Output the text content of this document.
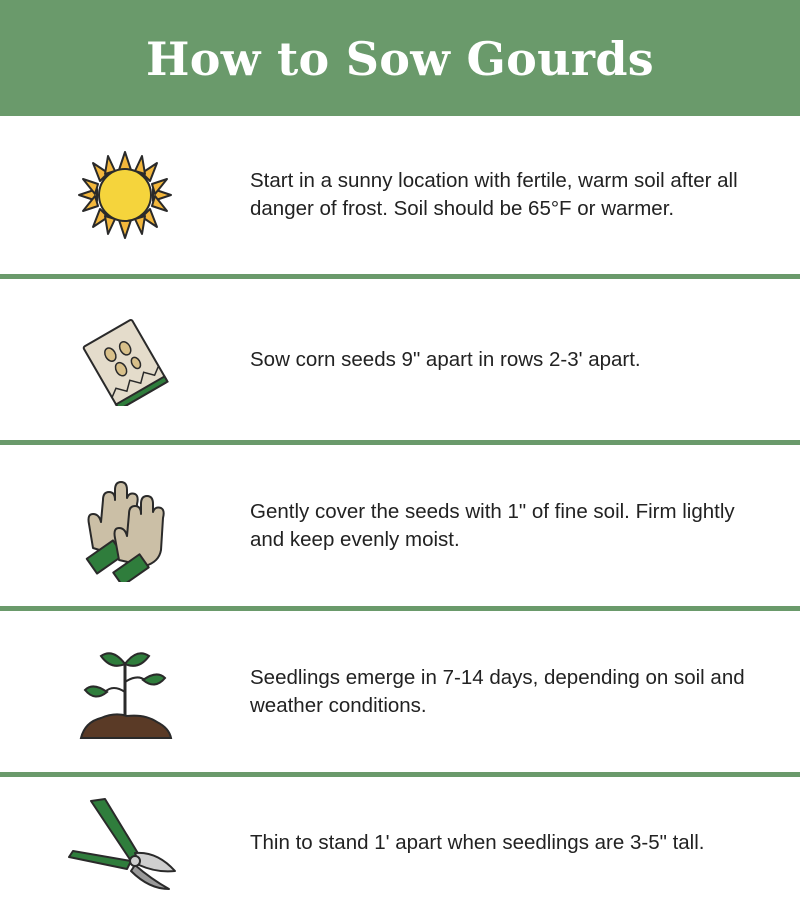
How to Sow Gourds
Start in a sunny location with fertile, warm soil after all danger of frost. Soil should be 65°F or warmer.
Sow corn seeds 9" apart in rows 2-3' apart.
Gently cover the seeds with 1" of fine soil. Firm lightly and keep evenly moist.
Seedlings emerge in 7-14 days, depending on soil and weather conditions.
Thin to stand 1' apart when seedlings are 3-5" tall.
